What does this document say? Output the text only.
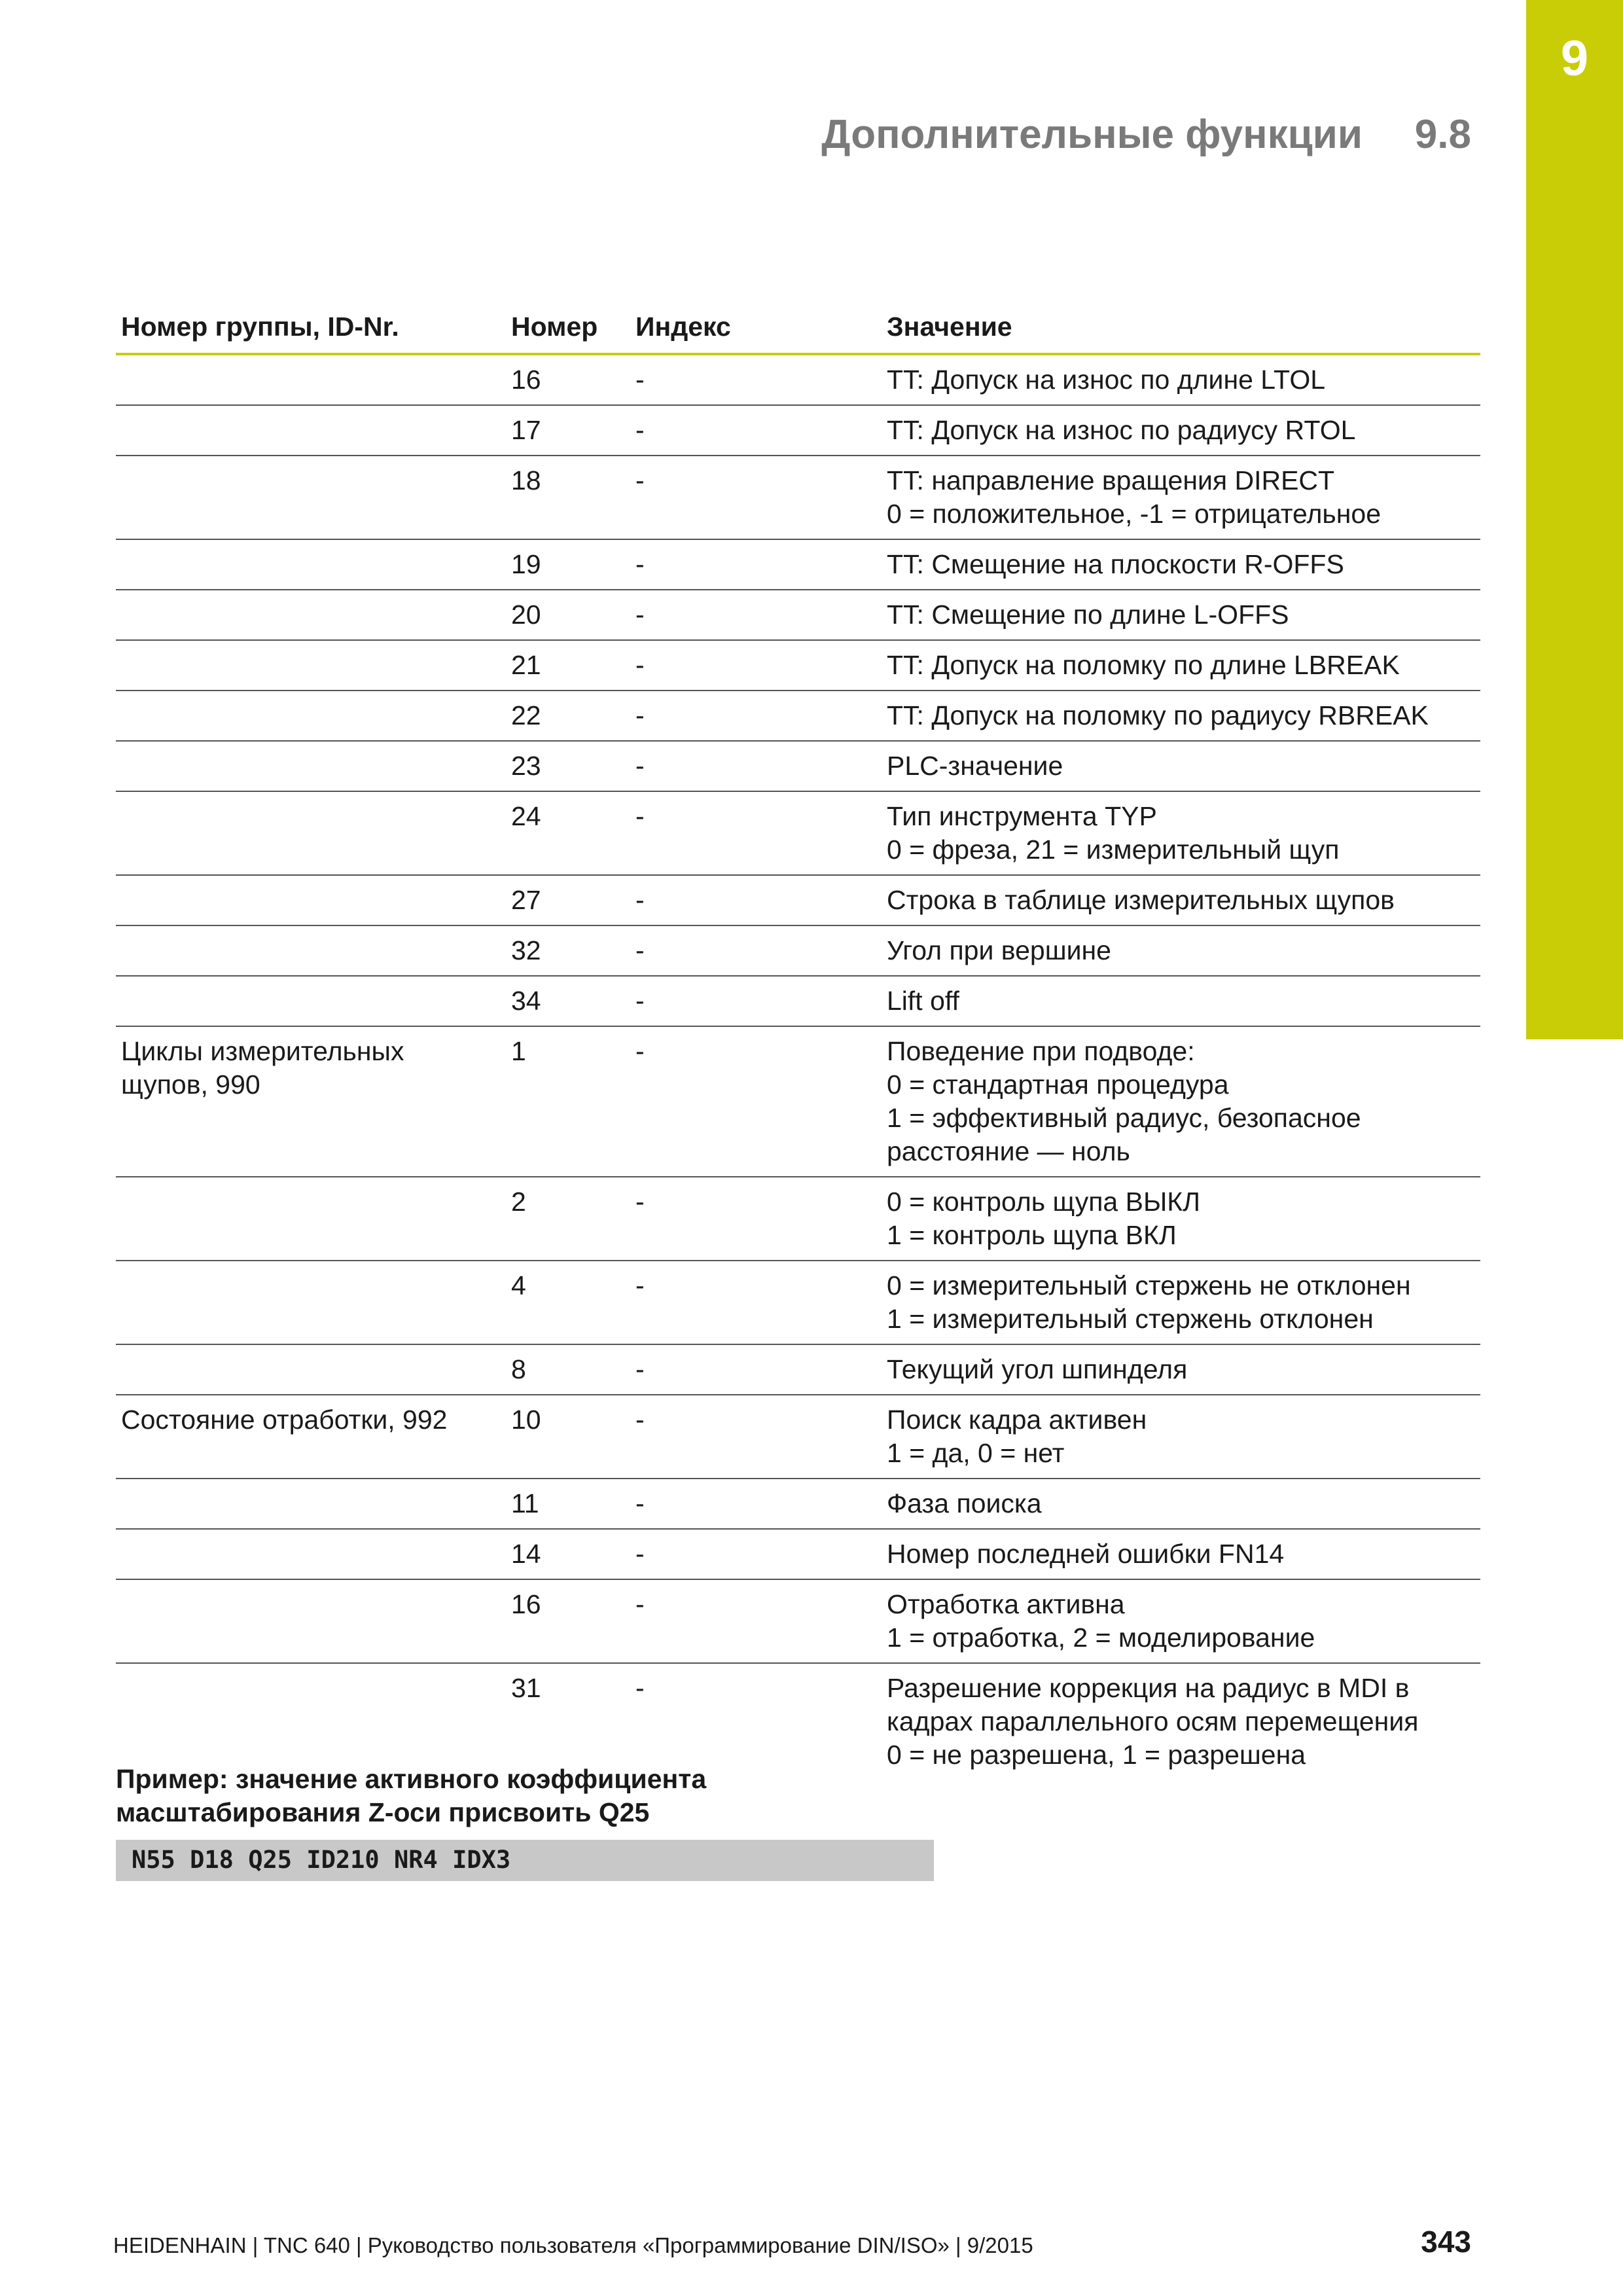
9
Дополнительные функции 9.8
Номер группы, ID-Nr.	Номер	Индекс	Значение
	16	-	TT: Допуск на износ по длине LTOL

	17	-	TT: Допуск на износ по радиусу RTOL

	18	-	TT: направление вращения DIRECT
0 = положительное, -1 = отрицательное

	19	-	TT: Смещение на плоскости R-OFFS

	20	-	TT: Смещение по длине L-OFFS

	21	-	TT: Допуск на поломку по длине LBREAK

	22	-	TT: Допуск на поломку по радиусу RBREAK

	23	-	PLC-значение

	24	-	Тип инструмента TYP
0 = фреза, 21 = измерительный щуп

	27	-	Строка в таблице измерительных щупов

	32	-	Угол при вершине

	34	-	Lift off

Циклы измерительных
щупов, 990	1	-	Поведение при подводе:
0 = стандартная процедура
1 = эффективный радиус, безопасное
расстояние — ноль

	2	-	0 = контроль щупа ВЫКЛ
1 = контроль щупа ВКЛ

	4	-	0 = измерительный стержень не отклонен
1 = измерительный стержень отклонен

	8	-	Текущий угол шпинделя

Состояние отработки, 992	10	-	Поиск кадра активен
1 = да, 0 = нет

	11	-	Фаза поиска

	14	-	Номер последней ошибки FN14

	16	-	Отработка активна
1 = отработка, 2 = моделирование

	31	-	Разрешение коррекция на радиус в MDI в
кадрах параллельного осям перемещения
0 = не разрешена, 1 = разрешена
Пример: значение активного коэффициента
масштабирования Z-оси присвоить Q25
N55 D18 Q25 ID210 NR4 IDX3
HEIDENHAIN | TNC 640 | Руководство пользователя «Программирование DIN/ISO» | 9/2015	343
